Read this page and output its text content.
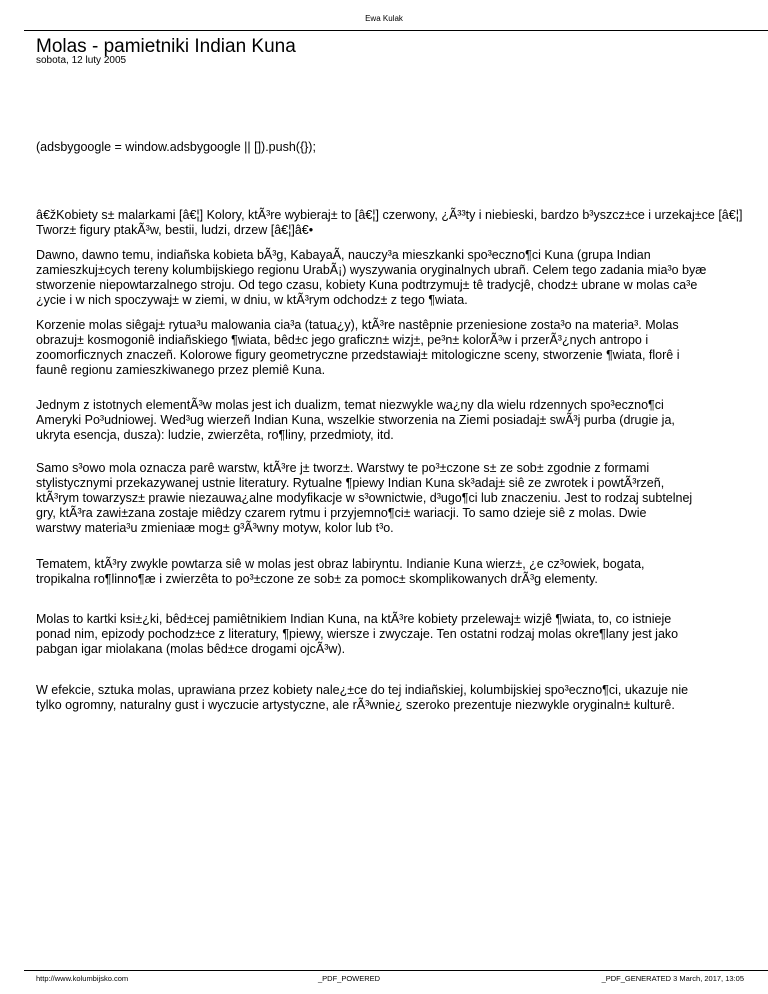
Ewa Kulak
Molas - pamietniki Indian Kuna
sobota, 12 luty 2005

(adsbygoogle = window.adsbygoogle || []).push({});

â€žKobiety s± malarkami [â€¦] Kolory, ktÃ³re wybieraj± to [â€¦] czerwony, ¿Ã³³ty i niebieski, bardzo b³yszcz±ce i urzekaj±ce [â€¦]
Tworz± figury ptakÃ³w, bestii, ludzi, drzew [â€¦]â€•

Dawno, dawno temu, indiañska kobieta bÃ³g, KabayaÃ, nauczy³a mieszkanki spo³eczno¶ci Kuna (grupa Indian
zamieszkuj±cych tereny kolumbijskiego regionu UrabÃ¡) wyszywania oryginalnych ubrañ. Celem tego zadania mia³o byæ
stworzenie niepowtarzalnego stroju. Od tego czasu, kobiety Kuna podtrzymuj± tê tradycjê, chodz± ubrane w molas ca³e
¿ycie i w nich spoczywaj± w ziemi, w dniu, w ktÃ³rym odchodz± z tego ¶wiata.

Korzenie molas siêgaj± rytua³u malowania cia³a (tatua¿y), ktÃ³re nastêpnie przeniesione zosta³o na materia³. Molas
obrazuj± kosmogoniê indiañskiego ¶wiata, bêd±c jego graficzn± wizj±, pe³n± kolorÃ³w i przerÃ³¿nych antropo i
zoomorficznych znaczeñ. Kolorowe figury geometryczne przedstawiaj± mitologiczne sceny, stworzenie ¶wiata, florê i
faunê regionu zamieszkiwanego przez plemiê Kuna.

Jednym z istotnych elementÃ³w molas jest ich dualizm, temat niezwykle wa¿ny dla wielu rdzennych spo³eczno¶ci
Ameryki Po³udniowej. Wed³ug wierzeñ Indian Kuna, wszelkie stworzenia na Ziemi posiadaj± swÃ³j purba (drugie ja,
ukryta esencja, dusza): ludzie, zwierzêta, ro¶liny, przedmioty, itd.

Samo s³owo mola oznacza parê warstw, ktÃ³re j± tworz±. Warstwy te po³±czone s± ze sob± zgodnie z formami
stylistycznymi przekazywanej ustnie literatury. Rytualne ¶piewy Indian Kuna sk³adaj± siê ze zwrotek i powtÃ³rzeñ,
ktÃ³rym towarzysz± prawie niezauwa¿alne modyfikacje w s³ownictwie, d³ugo¶ci lub znaczeniu. Jest to rodzaj subtelnej
gry, ktÃ³ra zawi±zana zostaje miêdzy czarem rytmu i przyjemno¶ci± wariacji. To samo dzieje siê z molas. Dwie
warstwy materia³u zmieniaæ mog± g³Ã³wny motyw, kolor lub t³o.

Tematem, ktÃ³ry zwykle powtarza siê w molas jest obraz labiryntu. Indianie Kuna wierz±, ¿e cz³owiek, bogata,
tropikalna ro¶linno¶æ i zwierzêta to po³±czone ze sob± za pomoc± skomplikowanych drÃ³g elementy.

Molas to kartki ksi±¿ki, bêd±cej pamiêtnikiem Indian Kuna, na ktÃ³re kobiety przelewaj± wizjê ¶wiata, to, co istnieje
ponad nim, epizody pochodz±ce z literatury, ¶piewy, wiersze i zwyczaje. Ten ostatni rodzaj molas okre¶lany jest jako
pabgan igar miolakana (molas bêd±ce drogami ojcÃ³w).

W efekcie, sztuka molas, uprawiana przez kobiety nale¿±ce do tej indiañskiej, kolumbijskiej spo³eczno¶ci, ukazuje nie
tylko ogromny, naturalny gust i wyczucie artystyczne, ale rÃ³wnie¿ szeroko prezentuje niezwykle oryginaln± kulturê.

http://www.kolumbijsko.com	_PDF_POWERED	_PDF_GENERATED 3 March, 2017, 13:05
